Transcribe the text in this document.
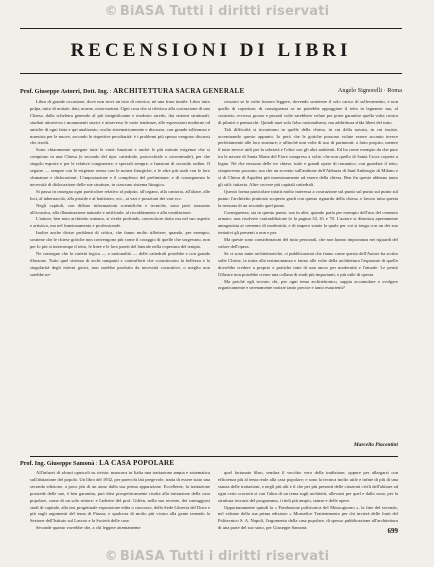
© BiASA Tutti i diritti riservati
RECENSIONI DI LIBRI
Prof. Giuseppe Astorri, Dott. Ing. : ARCHITETTURA SACRA GENERALE	Angelo Signorelli · Roma

Libro di grande occasione, dove non trovi un trito di retorica, né una frase inutile. Libro tutto polpa, tutto di notizie, dati, norme, osservazioni. Ogni cosa che si riferisca alla costruzione di una Chiesa, dalla scheletra generale al più insignificante e modesto arredo, dai sistemi strutturali, studiati attraverso i monumenti storici e attraverso le varie tendenze, alle espressioni moderne od antiche di ogni fatta e qui analizzato, svolto sistematicamente e discusso, con grande tolleranza e maestria per le nuove, secondo le rispettive peculiarità: è i problemi più spesso vengono discussi che risolti.

Sono chiaramente spiegate tutte le varie funzioni e anche le più minute esigenze che si compiono in una Chiesa (e secondo del tipo: cattedrale, parrocchiale o conventuale), per che singolo esposte e per le relative congruenze, e speciali sempre, e funzioni di secondo ordine. Il seguire — sempre con le esigenze stesse con le norme liturgiche, e le altre più usali con le loro sfumature e dislocazioni. L'impostazione e il complesso del preliminare, e di conseguenza le necessità di dislocazione delle sue strutture, in ciascuno sistema liturgico.

Si passa in rassegna ogni particolare relativo al pulpito, all'organo, alla cantoria, all'altare, alle luci, al tabernacolo, alla pisside e al battistero, ecc., ai vari e posizioni dei vari ecc.

Negli capitoli, con diffuse informazioni scientifiche e tecniche, sono però riassunte all'acustica, alla illuminazione naturale e artificiale, al riscaldamento e alla ventilazione.

L'autore, ben noto architetto romano, si rivela profondo, conoscitore dotto ma nel suo aspetto e artistico, ma nel funzionamento e professionale.

Inoltre anche divise problemi di critica, che fanno molto riflettere, quando, per esempio, sostiene che le chiese gotiche non convengono più come il coraggio di quelle che sorgevano, non per lo più si interrompe il tetto, le linee e le loro pareti del laterale nella copertura del tempio.

Ne consegue che la varietà logica — o razionalità — delle cattedrali potrebbe e con grande illusione. Tutto quel sistema di archi rampanti e contrafforti che costruiscono la bellezza e la singolarità degli esterni gotici, non sarebbe prodotto da necessità costruttive, o meglio non sarebbe ne-

cessario se le volte fossero leggere, dovendo sostenere il solo carico di sollevamento, e non quello di coperture; di conseguenza se ne potrebbe appoggiare il tetto in legname: ma, al contrario, eccesso grosse e pesanti volte sarebbero volute per poter garantire quella volta conica di pilastri e pennacchi. Quindi anzi solo falso razionalismo, ma addirittura sfida liberi del tutto.

Tali difficoltà si incontrano in quelle della chiesa, in cui della navata, in cui insiste, accentuando questo appunto. Io però che le gotiche possono volute essere accanto invece perfettamente alle loro strutture; e affinché non volte di uso di parimenti: a fatto proprio, mentre il tutto invece utili per la sobrietà e l'oltre con gli altri ambienti. Ed ha come esempio da che pure tra le navate di Santa Maria del Fiore compreso a volte, che non quello di Santa Croce coperte a legno. Né che nessuna delle tre chiese, tutte e grandi opere di romanico, con guardate il tetto, cinquecento possono, ma che un accento sull'ambone dell'Abbazia di Sant'Ambrogio di Milano e sì di Chiesa di Aquileia più maestosamente ad essere della chiesa. Ben fin queste abbiano tanto gli stili: tuttavia. Altre crocere più capitali cattedrali.

Questo forma particolare infatti molto interessa a costruzione sul punto sul punto sul punto sul punto: l'architetto piuttosto scoperto gradi con questo riguardo della chiesa, e lavoro tutta questa la nessuna di un secondo quel punto.

Conseguenza, sia in questo punto, sua in altri, quando parla per esempio dell'uso del cemento armato: non risolvere contraddizione (e la pagina 32, 61 e 70. L'autore si dimostra apertamente antagonista ai cemento di modernità, e di impero stante la quale per cui si tenga con un dei suo tentativi gli presenti a non e per.

Ma queste sono considerazioni del tutto personali, che non hanno importanza nei riguardi del valore dell'opera.

Se ci sono tante architettoniche, ci pubblicazioni che fanno come questa dell'Autore ha scritto sulle Chiese, la tratta alla testimonianza e fanno alle volte della architettura l'aspirante di quello dovrebbe credere a proprio e pratiche tutte di una ancor per modernità e l'attuale. Le pensò l'illustre non potrebbe creare una collana di studi più importanti, e più utile di questa.

Ma poiché egli trovato chi, per ogni tema architettonico, sappia accumulare e svolgere organicamente e serenamente notizie tanto precise e tanto esaurienti?

Marcello Piacentini
Prof. Ing. Giuseppe Samonà : LA CASA POPOLARE

All'infuori di alcuni opuscoli su riviste, mancava in Italia una trattazione ampia e sistematica sull'abitazione del popolo. Un libro del 1932, per parecchi lati pregevole, tratta di essere stato una seconda edizione, a poco più di un anno dalla sua prima apparizione. Eccellente, la trattazione possiede delle sue, è ben garantita, può dirsi prospetticamente risolta alla trattazione della casa popolare, come di un solo settore: e l'aderire del prof. Giffen, nella sua recente, dei vantaggiosi stadi di capitale, alla tesi progettuale esposizione edita o concorso, della Sede Libreria del Duce e più sugli argomenti del tema di Piazza, e qualcosa di molto più vicino alla gente tenendo la Sezione dell'Istituto sul Lavoro e la Società delle case.

Seconde quanto vorrebbe che, a chi leggere attentamente

quel fortunato libro, sembra il vecchio vero della tradizione, oppure per allargarsi con efficienza più al tema reale alla casa popolare; e sono la tecnica molto utile e infine di più di una stanza delle trattazioni, e negli più alti e il che per più presenti delle citazioni civili dell'abitare ad ogni certo scorrerà si con l'altra di un tema sugli architetti, allevarsi per quel e dallo sono, per la struttura trovarsi del programma, i titoli più ampio, stanze e delle opere.

Opportunamente quindi la « Fondazione politecnica del Mezzogiorno », la fine del secondo, nel volume della sua prima edizione « Monselice Trattenimento per chi invierà delle fonti del Politecnico S. A. Napoli, l'argomento della casa popolare, di spesso pubblicazione all'architettura di una parte del suo stato, per Giuseppe Samonà.	699
© BiASA Tutti i diritti riservati
